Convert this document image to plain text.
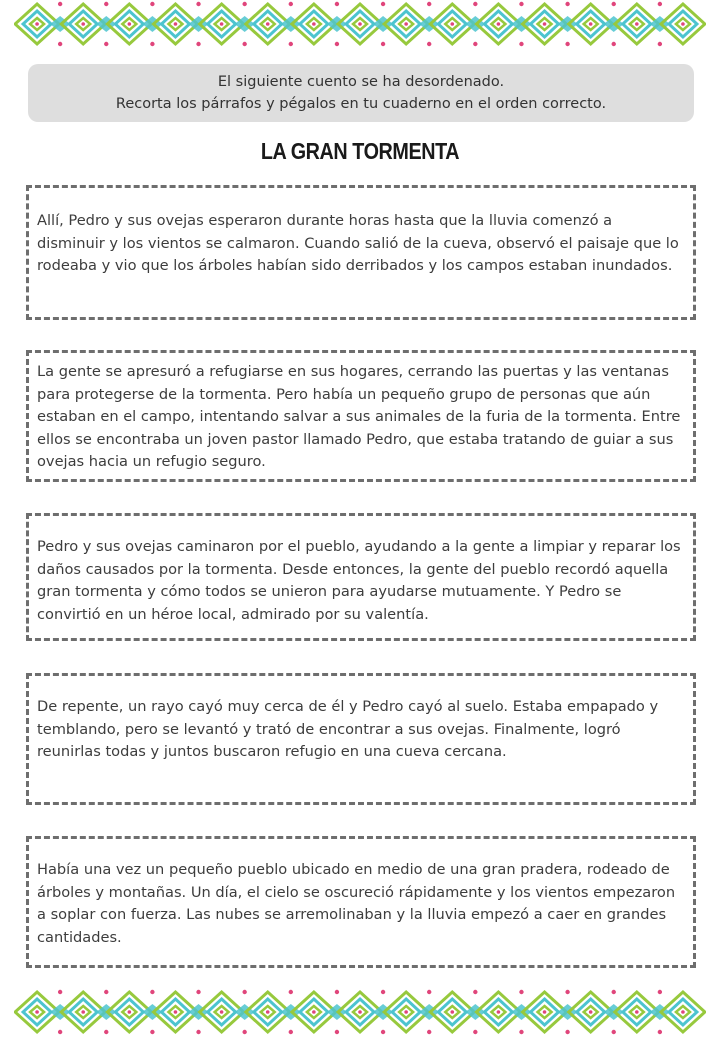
El siguiente cuento se ha desordenado.
Recorta los párrafos y pégalos en tu cuaderno en el orden correcto.
LA GRAN TORMENTA
Allí, Pedro y sus ovejas esperaron durante horas hasta que la lluvia comenzó a disminuir y los vientos se calmaron. Cuando salió de la cueva, observó el paisaje que lo rodeaba y vio que los árboles habían sido derribados y los campos estaban inundados.
La gente se apresuró a refugiarse en sus hogares, cerrando las puertas y las ventanas para protegerse de la tormenta. Pero había un pequeño grupo de personas que aún estaban en el campo, intentando salvar a sus animales de la furia de la tormenta. Entre ellos se encontraba un joven pastor llamado Pedro, que estaba tratando de guiar a sus ovejas hacia un refugio seguro.
Pedro y sus ovejas caminaron por el pueblo, ayudando a la gente a limpiar y reparar los daños causados por la tormenta. Desde entonces, la gente del pueblo recordó aquella gran tormenta y cómo todos se unieron para ayudarse mutuamente. Y Pedro se convirtió en un héroe local, admirado por su valentía.
De repente, un rayo cayó muy cerca de él y Pedro cayó al suelo. Estaba empapado y temblando, pero se levantó y trató de encontrar a sus ovejas. Finalmente, logró reunirlas todas y juntos buscaron refugio en una cueva cercana.
Había una vez un pequeño pueblo ubicado en medio de una gran pradera, rodeado de árboles y montañas. Un día, el cielo se oscureció rápidamente y los vientos empezaron a soplar con fuerza. Las nubes se arremolinaban y la lluvia empezó a caer en grandes cantidades.
